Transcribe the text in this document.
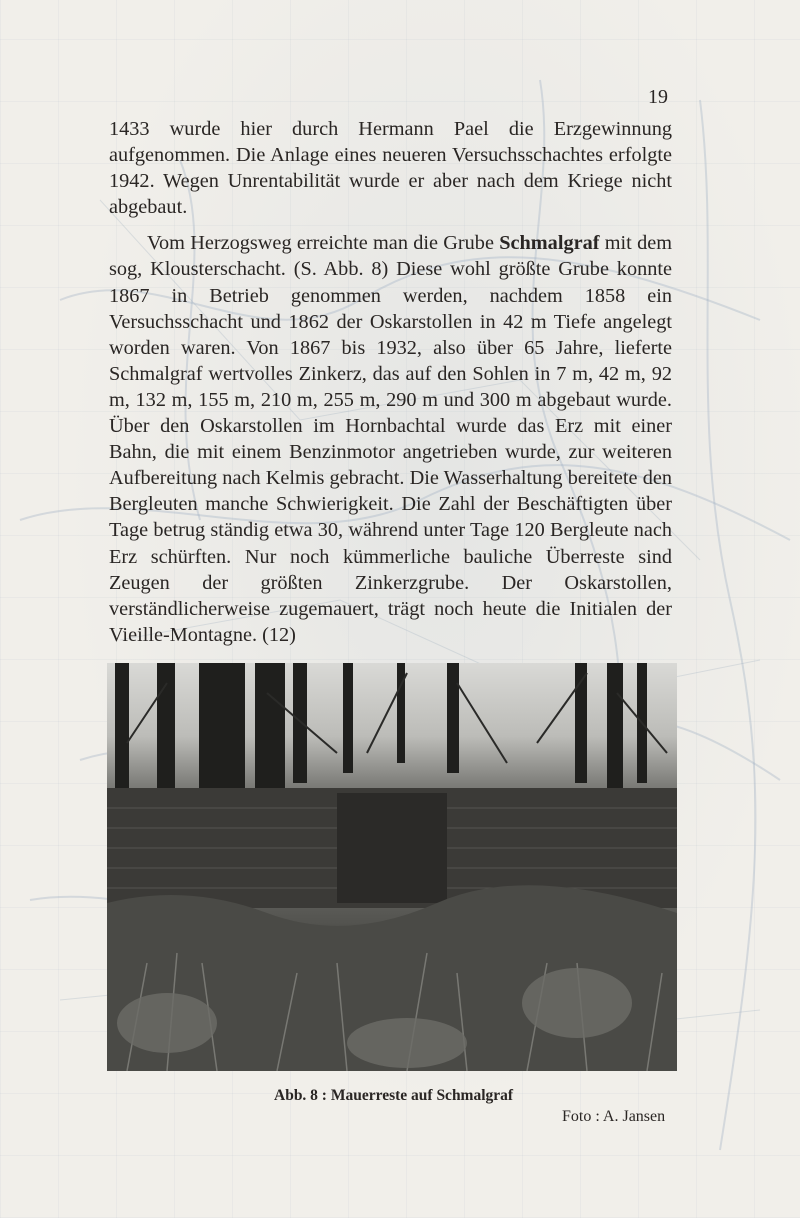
19

1433 wurde hier durch Hermann Pael die Erzgewinnung aufgenommen. Die Anlage eines neueren Versuchsschachtes erfolgte 1942. Wegen Unrentabilität wurde er aber nach dem Kriege nicht abgebaut.

Vom Herzogsweg erreichte man die Grube Schmalgraf mit dem sog, Klousterschacht. (S. Abb. 8) Diese wohl größte Grube konnte 1867 in Betrieb genommen werden, nachdem 1858 ein Versuchsschacht und 1862 der Oskarstollen in 42 m Tiefe angelegt worden waren. Von 1867 bis 1932, also über 65 Jahre, lieferte Schmalgraf wertvolles Zinkerz, das auf den Sohlen in 7 m, 42 m, 92 m, 132 m, 155 m, 210 m, 255 m, 290 m und 300 m abgebaut wurde. Über den Oskarstollen im Hornbachtal wurde das Erz mit einer Bahn, die mit einem Benzinmotor angetrieben wurde, zur weiteren Aufbereitung nach Kelmis gebracht. Die Wasserhaltung bereitete den Bergleuten manche Schwierigkeit. Die Zahl der Beschäftigten über Tage betrug ständig etwa 30, während unter Tage 120 Bergleute nach Erz schürften. Nur noch kümmerliche bauliche Überreste sind Zeugen der größten Zinkerzgrube. Der Oskarstollen, verständlicherweise zugemauert, trägt noch heute die Initialen der Vieille-Montagne. (12)

Abb. 8 : Mauerreste auf Schmalgraf
Foto : A. Jansen
